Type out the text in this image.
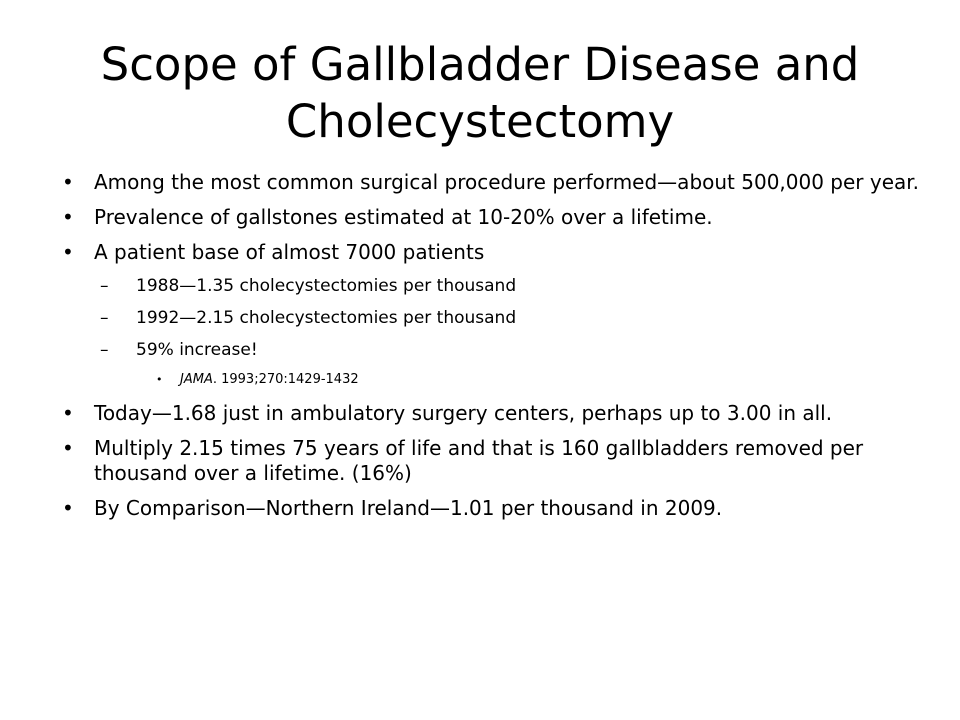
Scope of Gallbladder Disease and Cholecystectomy
• Among the most common surgical procedure performed—about 500,000 per year.
• Prevalence of gallstones estimated at 10-20% over a lifetime.
• A patient base of almost 7000 patients
– 1988—1.35 cholecystectomies per thousand
– 1992—2.15 cholecystectomies per thousand
– 59% increase!
• JAMA. 1993;270:1429-1432
• Today—1.68 just in ambulatory surgery centers, perhaps up to 3.00 in all.
• Multiply 2.15 times 75 years of life and that is 160 gallbladders removed per thousand over a lifetime. (16%)
• By Comparison—Northern Ireland—1.01 per thousand in 2009.
